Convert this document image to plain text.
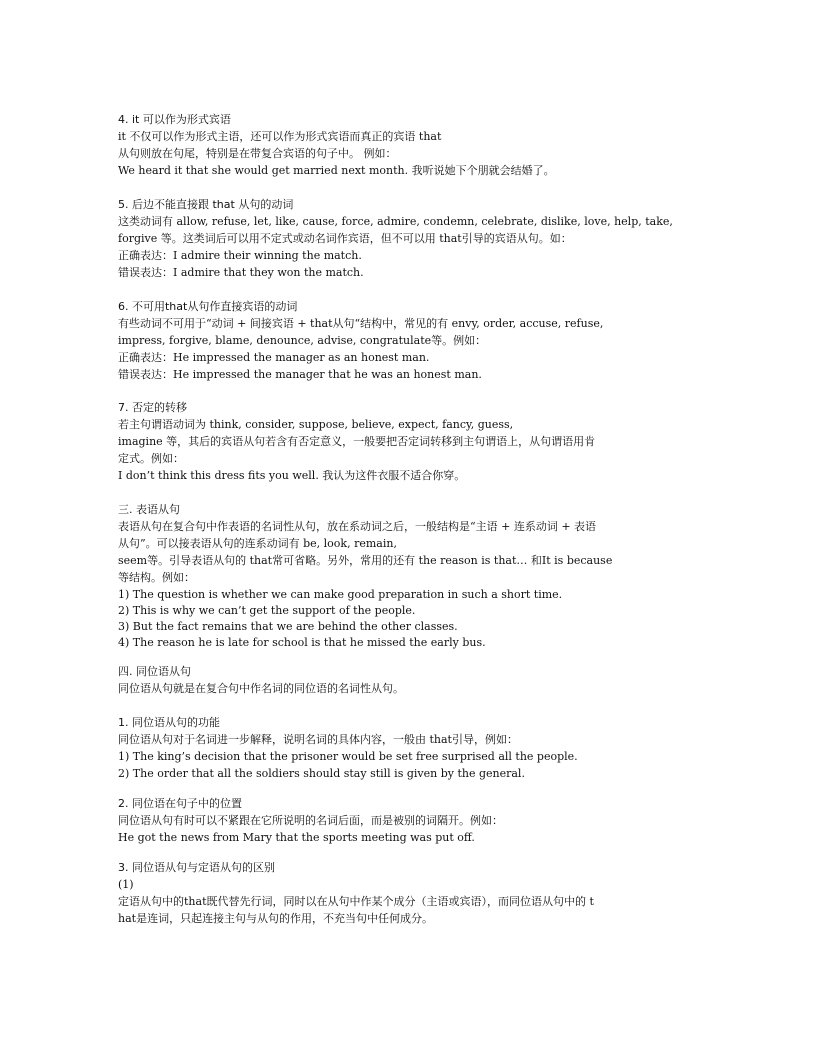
4. it 可以作为形式宾语
it 不仅可以作为形式主语，还可以作为形式宾语而真正的宾语 that
从句则放在句尾，特别是在带复合宾语的句子中。 例如：
We heard it that she would get married next month. 我听说她下个朋就会结婚了。
5. 后边不能直接跟 that 从句的动词
这类动词有 allow, refuse, let, like, cause, force, admire, condemn, celebrate, dislike, love, help, take,
forgive 等。这类词后可以用不定式或动名词作宾语，但不可以用 that引导的宾语从句。如：
正确表达：I admire their winning the match.
错误表达：I admire that they won the match.
6. 不可用that从句作直接宾语的动词
有些动词不可用于“动词 + 间接宾语 + that从句“结构中，常见的有 envy, order, accuse, refuse,
impress, forgive, blame, denounce, advise, congratulate等。例如：
正确表达：He impressed the manager as an honest man.
错误表达：He impressed the manager that he was an honest man.
7. 否定的转移
若主句谓语动词为 think, consider, suppose, believe, expect, fancy, guess,
imagine 等，其后的宾语从句若含有否定意义，一般要把否定词转移到主句谓语上，从句谓语用肯
定式。例如：
I don’t think this dress fits you well. 我认为这件衣服不适合你穿。
三. 表语从句
表语从句在复合句中作表语的名词性从句，放在系动词之后，一般结构是“主语 + 连系动词 + 表语
从句”。可以接表语从句的连系动词有 be, look, remain,
seem等。引导表语从句的 that常可省略。另外，常用的还有 the reason is that… 和It is because
等结构。例如：
1) The question is whether we can make good preparation in such a short time.
2) This is why we can’t get the support of the people.
3) But the fact remains that we are behind the other classes.
4) The reason he is late for school is that he missed the early bus.
四. 同位语从句
同位语从句就是在复合句中作名词的同位语的名词性从句。
1. 同位语从句的功能
同位语从句对于名词进一步解释，说明名词的具体内容，一般由 that引导，例如：
1) The king’s decision that the prisoner would be set free surprised all the people.
2) The order that all the soldiers should stay still is given by the general.
2. 同位语在句子中的位置
同位语从句有时可以不紧跟在它所说明的名词后面，而是被别的词隔开。例如：
He got the news from Mary that the sports meeting was put off.
3. 同位语从句与定语从句的区别
(1)
定语从句中的that既代替先行词，同时以在从句中作某个成分（主语或宾语），而同位语从句中的 t
hat是连词，只起连接主句与从句的作用，不充当句中任何成分。
